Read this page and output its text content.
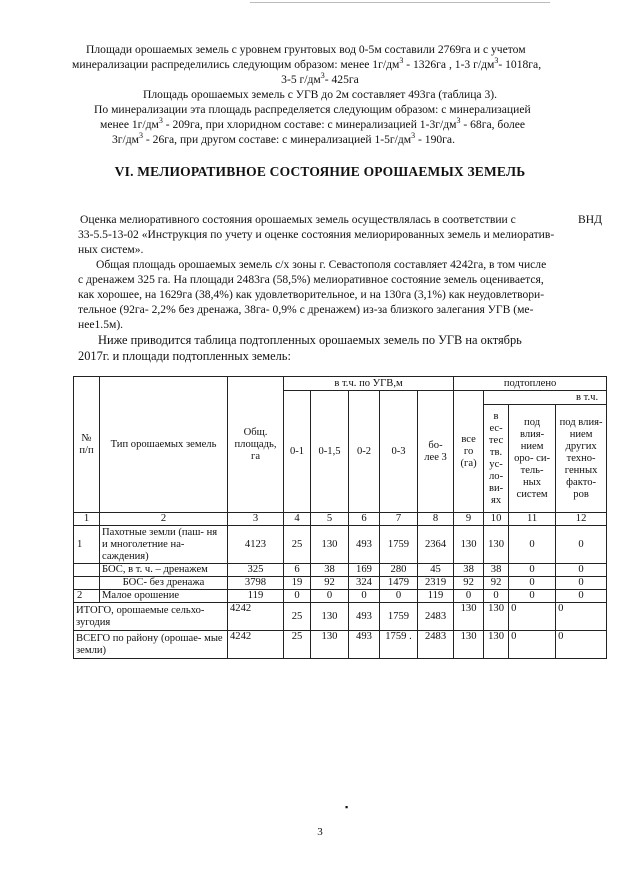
Площади орошаемых земель с уровнем грунтовых вод 0-5м составили 2769га и с учетом

минерализации распределились следующим образом: менее $1г/дм^3 - 1326га$ , 1-3 $г/дм^3-$ 1018га,

3-5 $г/дм^3-$ 425га

Площадь орошаемых земель с УГВ до 2м составляет 493га (таблица 3).

По минерализации эта площадь распределяется следующим образом: с минерализацией

менее $1г/дм^3 - 209га$, при хлоридном составе: с минерализацией $1-3г/дм^3 - 68га$, более

$3г/дм^3 - 26га$, при другом составе: с минерализацией $1-5г/дм^3 - 190га$.

VI. МЕЛИОРАТИВНОЕ СОСТОЯНИЕ ОРОШАЕМЫХ ЗЕМЕЛЬ

Оценка мелиоративного состояния орошаемых земель осуществлялась в соответствии с	ВНД

33-5.5-13-02 «Инструкция по учету и оценке состояния мелиорированных земель и мелиоратив-

ных систем».

Общая площадь орошаемых земель с/х зоны г. Севастополя составляет 4242га, в том числе

с дренажем 325 га. На площади 2483га (58,5%) мелиоративное состояние земель оценивается,

как хорошее, на 1629га (38,4%) как удовлетворительное, и на 130га (3,1%) как неудовлетвори-

тельное (92га- 2,2% без дренажа, 38га- 0,9% с дренажем) из-за близкого залегания УГВ (ме-

нее1.5м).

Ниже приводится таблица подтопленных орошаемых земель по УГВ на октябрь

2017г. и площади подтопленных земель:

№ п/п	Тип орошаемых земель	Общ. площадь, га	в т.ч. по УГВ,м					подтоплено			
			0-1	0-1,5	0-2	0-3	бо- лее 3	все го (га)	в т.ч.		
									в ес- тес тв. ус- ло- ви- ях	под влия- нием оро- си- тель- ных систем	под влия- нием других техно- генных факто- ров
1	2	3	4	5	6	7	8	9	10	11	12
1	Пахотные земли (паш- ня и многолетние на- саждения)	4123	25	130	493	1759	2364	130	130	0	0
	БОС, в т. ч. – дренажем	325	6	38	169	280	45	38	38	0	0
	БОС- без дренажа	3798	19	92	324	1479	2319	92	92	0	0
2	Малое орошение	119	0	0	0	0	119	0	0	0	0
ИТОГО, орошаемые сельхо- зугодия		4242	25	130	493	1759	2483	130	130	0	0
ВСЕГО по району (орошае- мые земли)		4242	25	130	493	1759 .	2483	130	130	0	0
▪
3
